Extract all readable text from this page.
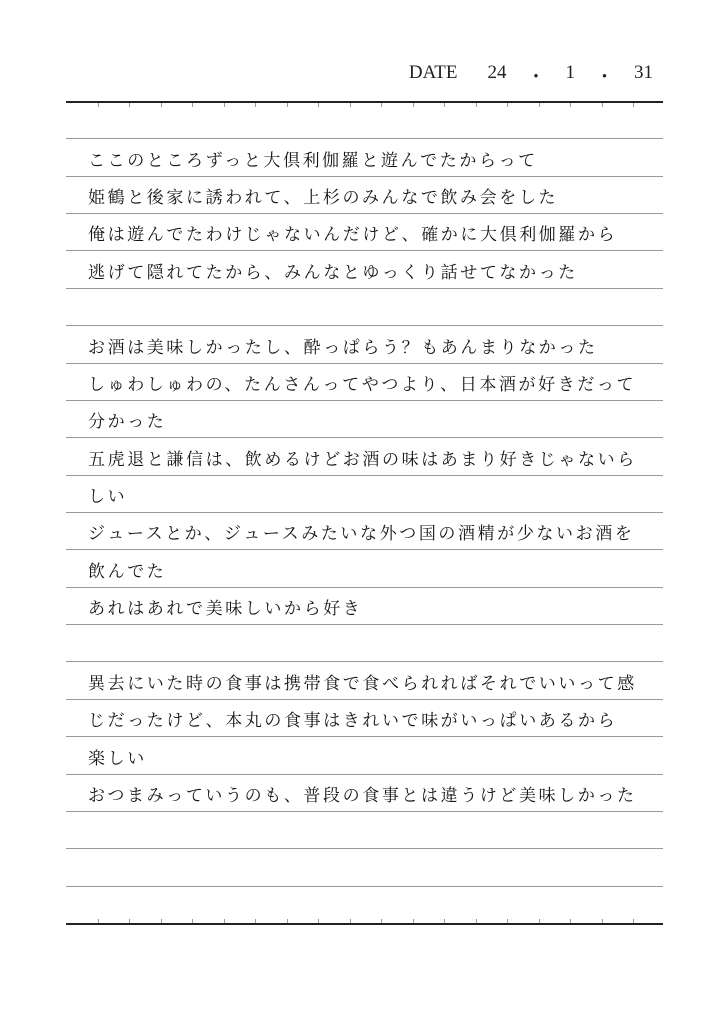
DATE 24 ・ 1 ・ 31
ここのところずっと大倶利伽羅と遊んでたからって
姫鶴と後家に誘われて、上杉のみんなで飲み会をした
俺は遊んでたわけじゃないんだけど、確かに大倶利伽羅から
逃げて隠れてたから、みんなとゆっくり話せてなかった
お酒は美味しかったし、酔っぱらう？もあんまりなかった
しゅわしゅわの、たんさんってやつより、日本酒が好きだって
分かった
五虎退と謙信は、飲めるけどお酒の味はあまり好きじゃないら
しい
ジュースとか、ジュースみたいな外つ国の酒精が少ないお酒を
飲んでた
あれはあれで美味しいから好き
異去にいた時の食事は携帯食で食べられればそれでいいって感
じだったけど、本丸の食事はきれいで味がいっぱいあるから
楽しい
おつまみっていうのも、普段の食事とは違うけど美味しかった
